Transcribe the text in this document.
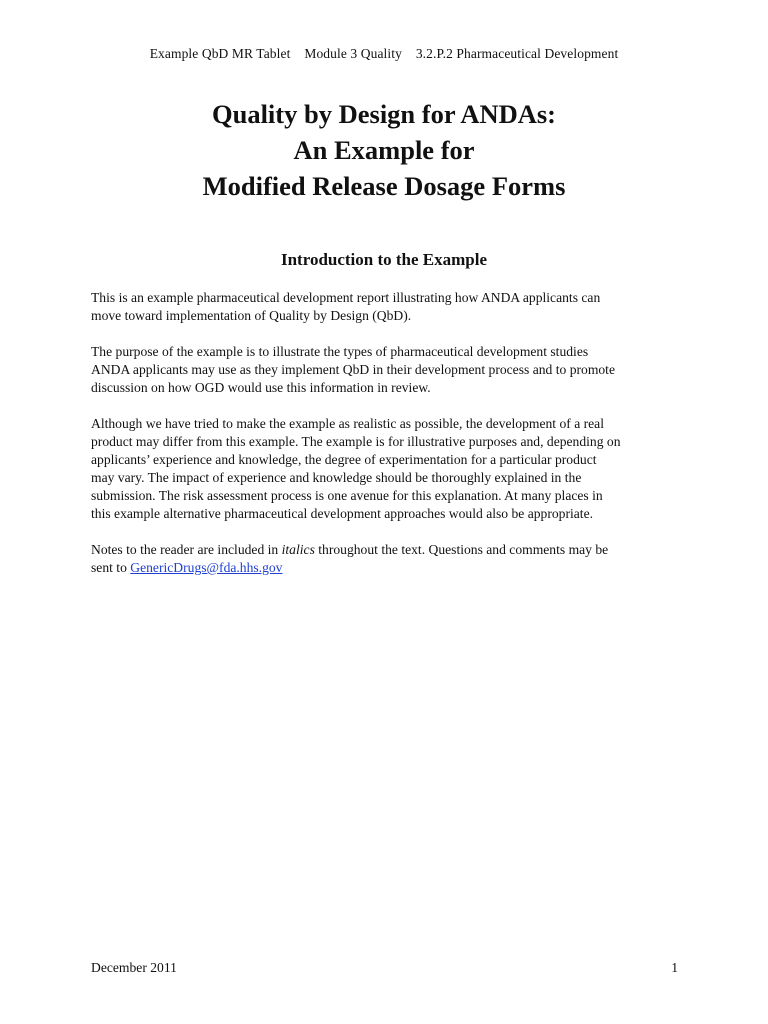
Example QbD MR Tablet    Module 3 Quality    3.2.P.2 Pharmaceutical Development
Quality by Design for ANDAs:
An Example for
Modified Release Dosage Forms
Introduction to the Example

This is an example pharmaceutical development report illustrating how ANDA applicants can
move toward implementation of Quality by Design (QbD).

The purpose of the example is to illustrate the types of pharmaceutical development studies
ANDA applicants may use as they implement QbD in their development process and to promote
discussion on how OGD would use this information in review.

Although we have tried to make the example as realistic as possible, the development of a real
product may differ from this example. The example is for illustrative purposes and, depending on
applicants’ experience and knowledge, the degree of experimentation for a particular product
may vary. The impact of experience and knowledge should be thoroughly explained in the
submission. The risk assessment process is one avenue for this explanation. At many places in
this example alternative pharmaceutical development approaches would also be appropriate.

Notes to the reader are included in italics throughout the text. Questions and comments may be
sent to GenericDrugs@fda.hhs.gov

December 2011	1
